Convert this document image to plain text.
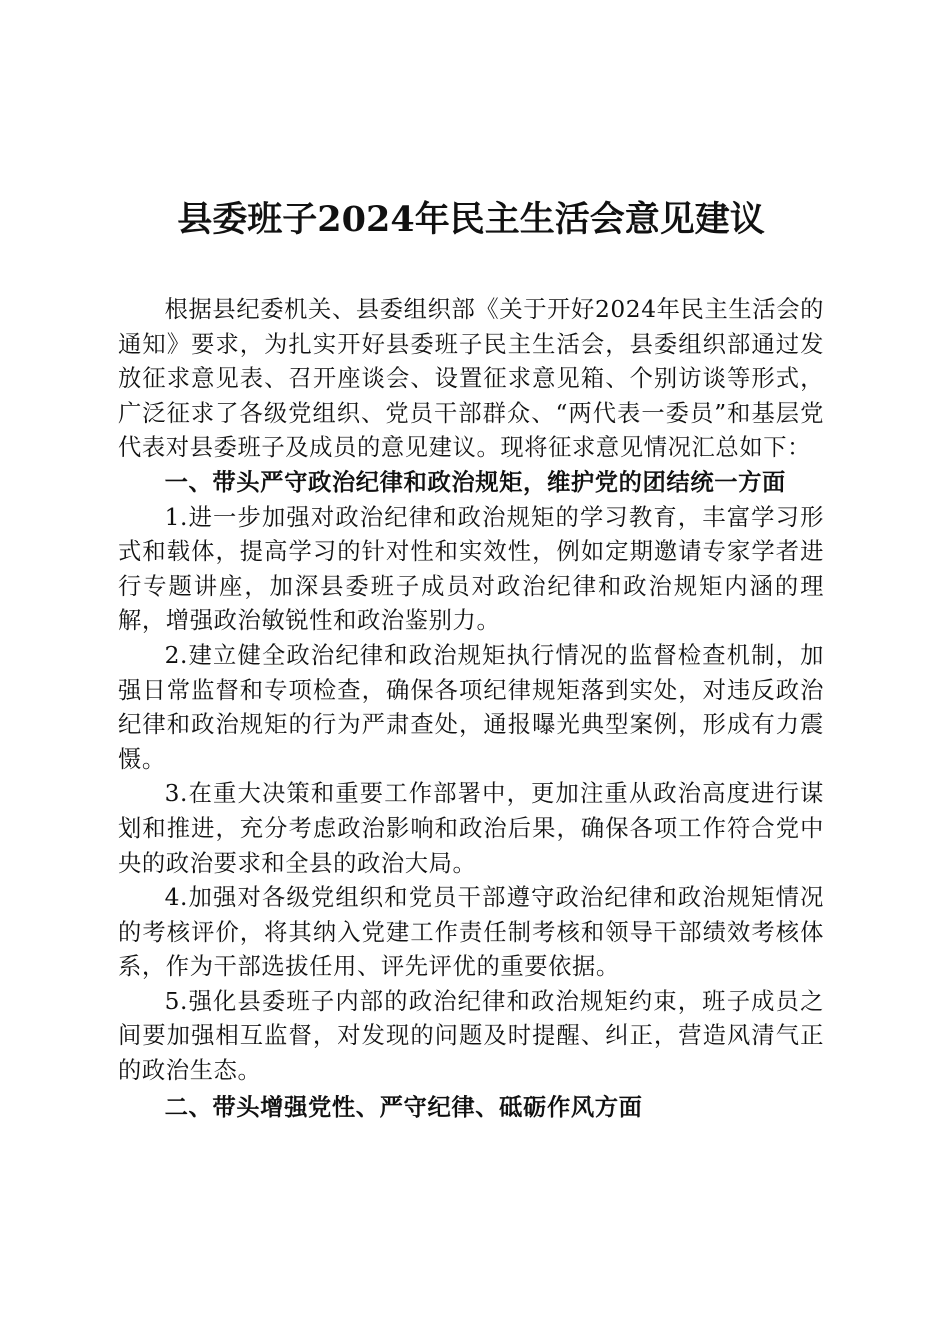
县委班子2024年民主生活会意见建议

根据县纪委机关、县委组织部《关于开好2024年民主生活会的通知》要求，为扎实开好县委班子民主生活会，县委组织部通过发放征求意见表、召开座谈会、设置征求意见箱、个别访谈等形式，广泛征求了各级党组织、党员干部群众、“两代表一委员”和基层党代表对县委班子及成员的意见建议。现将征求意见情况汇总如下：

一、带头严守政治纪律和政治规矩，维护党的团结统一方面

1.进一步加强对政治纪律和政治规矩的学习教育，丰富学习形式和载体，提高学习的针对性和实效性，例如定期邀请专家学者进行专题讲座，加深县委班子成员对政治纪律和政治规矩内涵的理解，增强政治敏锐性和政治鉴别力。

2.建立健全政治纪律和政治规矩执行情况的监督检查机制，加强日常监督和专项检查，确保各项纪律规矩落到实处，对违反政治纪律和政治规矩的行为严肃查处，通报曝光典型案例，形成有力震慑。

3.在重大决策和重要工作部署中，更加注重从政治高度进行谋划和推进，充分考虑政治影响和政治后果，确保各项工作符合党中央的政治要求和全县的政治大局。

4.加强对各级党组织和党员干部遵守政治纪律和政治规矩情况的考核评价，将其纳入党建工作责任制考核和领导干部绩效考核体系，作为干部选拔任用、评先评优的重要依据。

5.强化县委班子内部的政治纪律和政治规矩约束，班子成员之间要加强相互监督，对发现的问题及时提醒、纠正，营造风清气正的政治生态。

二、带头增强党性、严守纪律、砥砺作风方面
